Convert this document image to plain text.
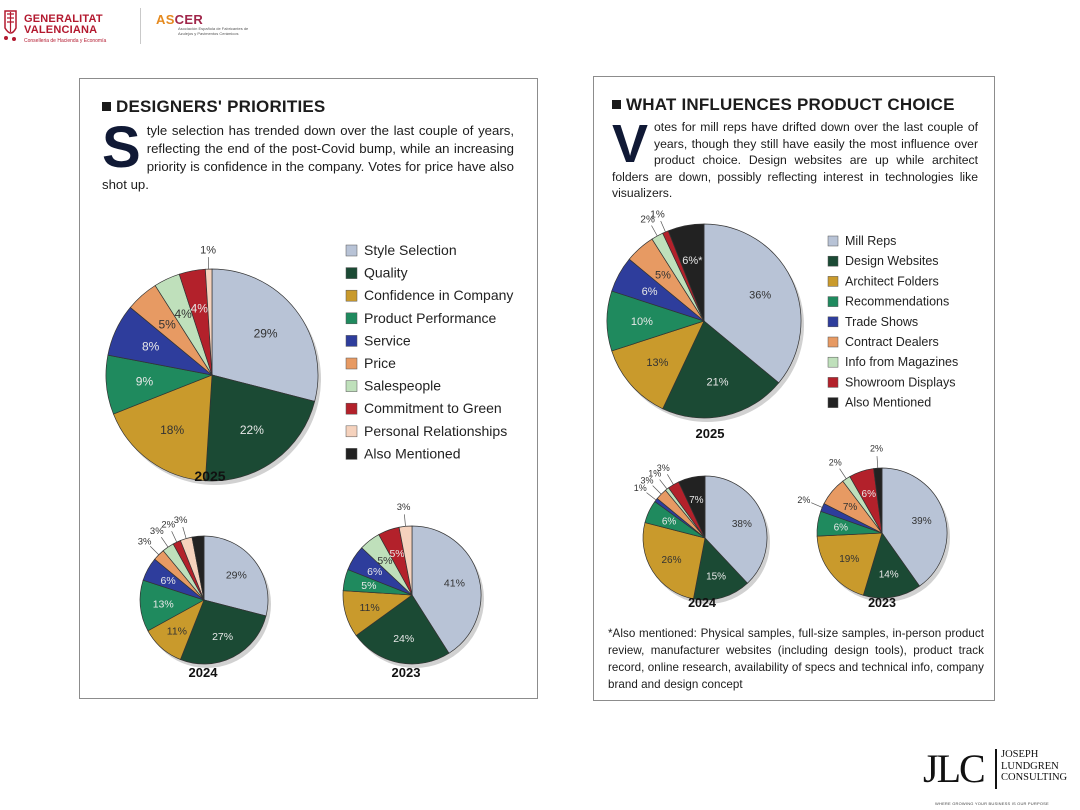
GENERALITAT
VALENCIANA
Conselleria de Hacienda y Economía
ASCER
Asociación Española de Fabricantes de Azulejos y Pavimentos Cerámicos
DESIGNERS' PRIORITIES
Style selection has trended down over the last couple of years, reflecting the end of the post-Covid bump, while an increasing priority is confidence in the company. Votes for price have also shot up.
29%
22%
18%
9%
8%
5%
4%
4%
1%
2025
29%
27%
11%
13%
6%
3%
3%
2%
3%
2024
41%
24%
11%
5%
6%
5%
5%
3%
2023
Style Selection
Quality
Confidence in Company
Product Performance
Service
Price
Salespeople
Commitment to Green
Personal Relationships
Also Mentioned
WHAT INFLUENCES PRODUCT CHOICE
Votes for mill reps have drifted down over the last couple of years, though they still have easily the most influence over product choice. Design websites are up while architect folders are down, possibly reflecting interest in technologies like visualizers.
36%
21%
13%
10%
6%
5%
2%
1%
6%*
2025
38%
15%
26%
6%
1%
3%
1%
3%
7%
2024
39%
14%
19%
6%
2%
7%
2%
6%
2%
2023
Mill Reps
Design Websites
Architect Folders
Recommendations
Trade Shows
Contract Dealers
Info from Magazines
Showroom Displays
Also Mentioned
*Also mentioned: Physical samples, full-size samples, in-person product review, manufacturer websites (including design tools), product track record, online research, availability of specs and technical info, company brand and design concept
JLC JOSEPH
LUNDGREN
CONSULTING
WHERE GROWING YOUR BUSINESS IS OUR PURPOSE
